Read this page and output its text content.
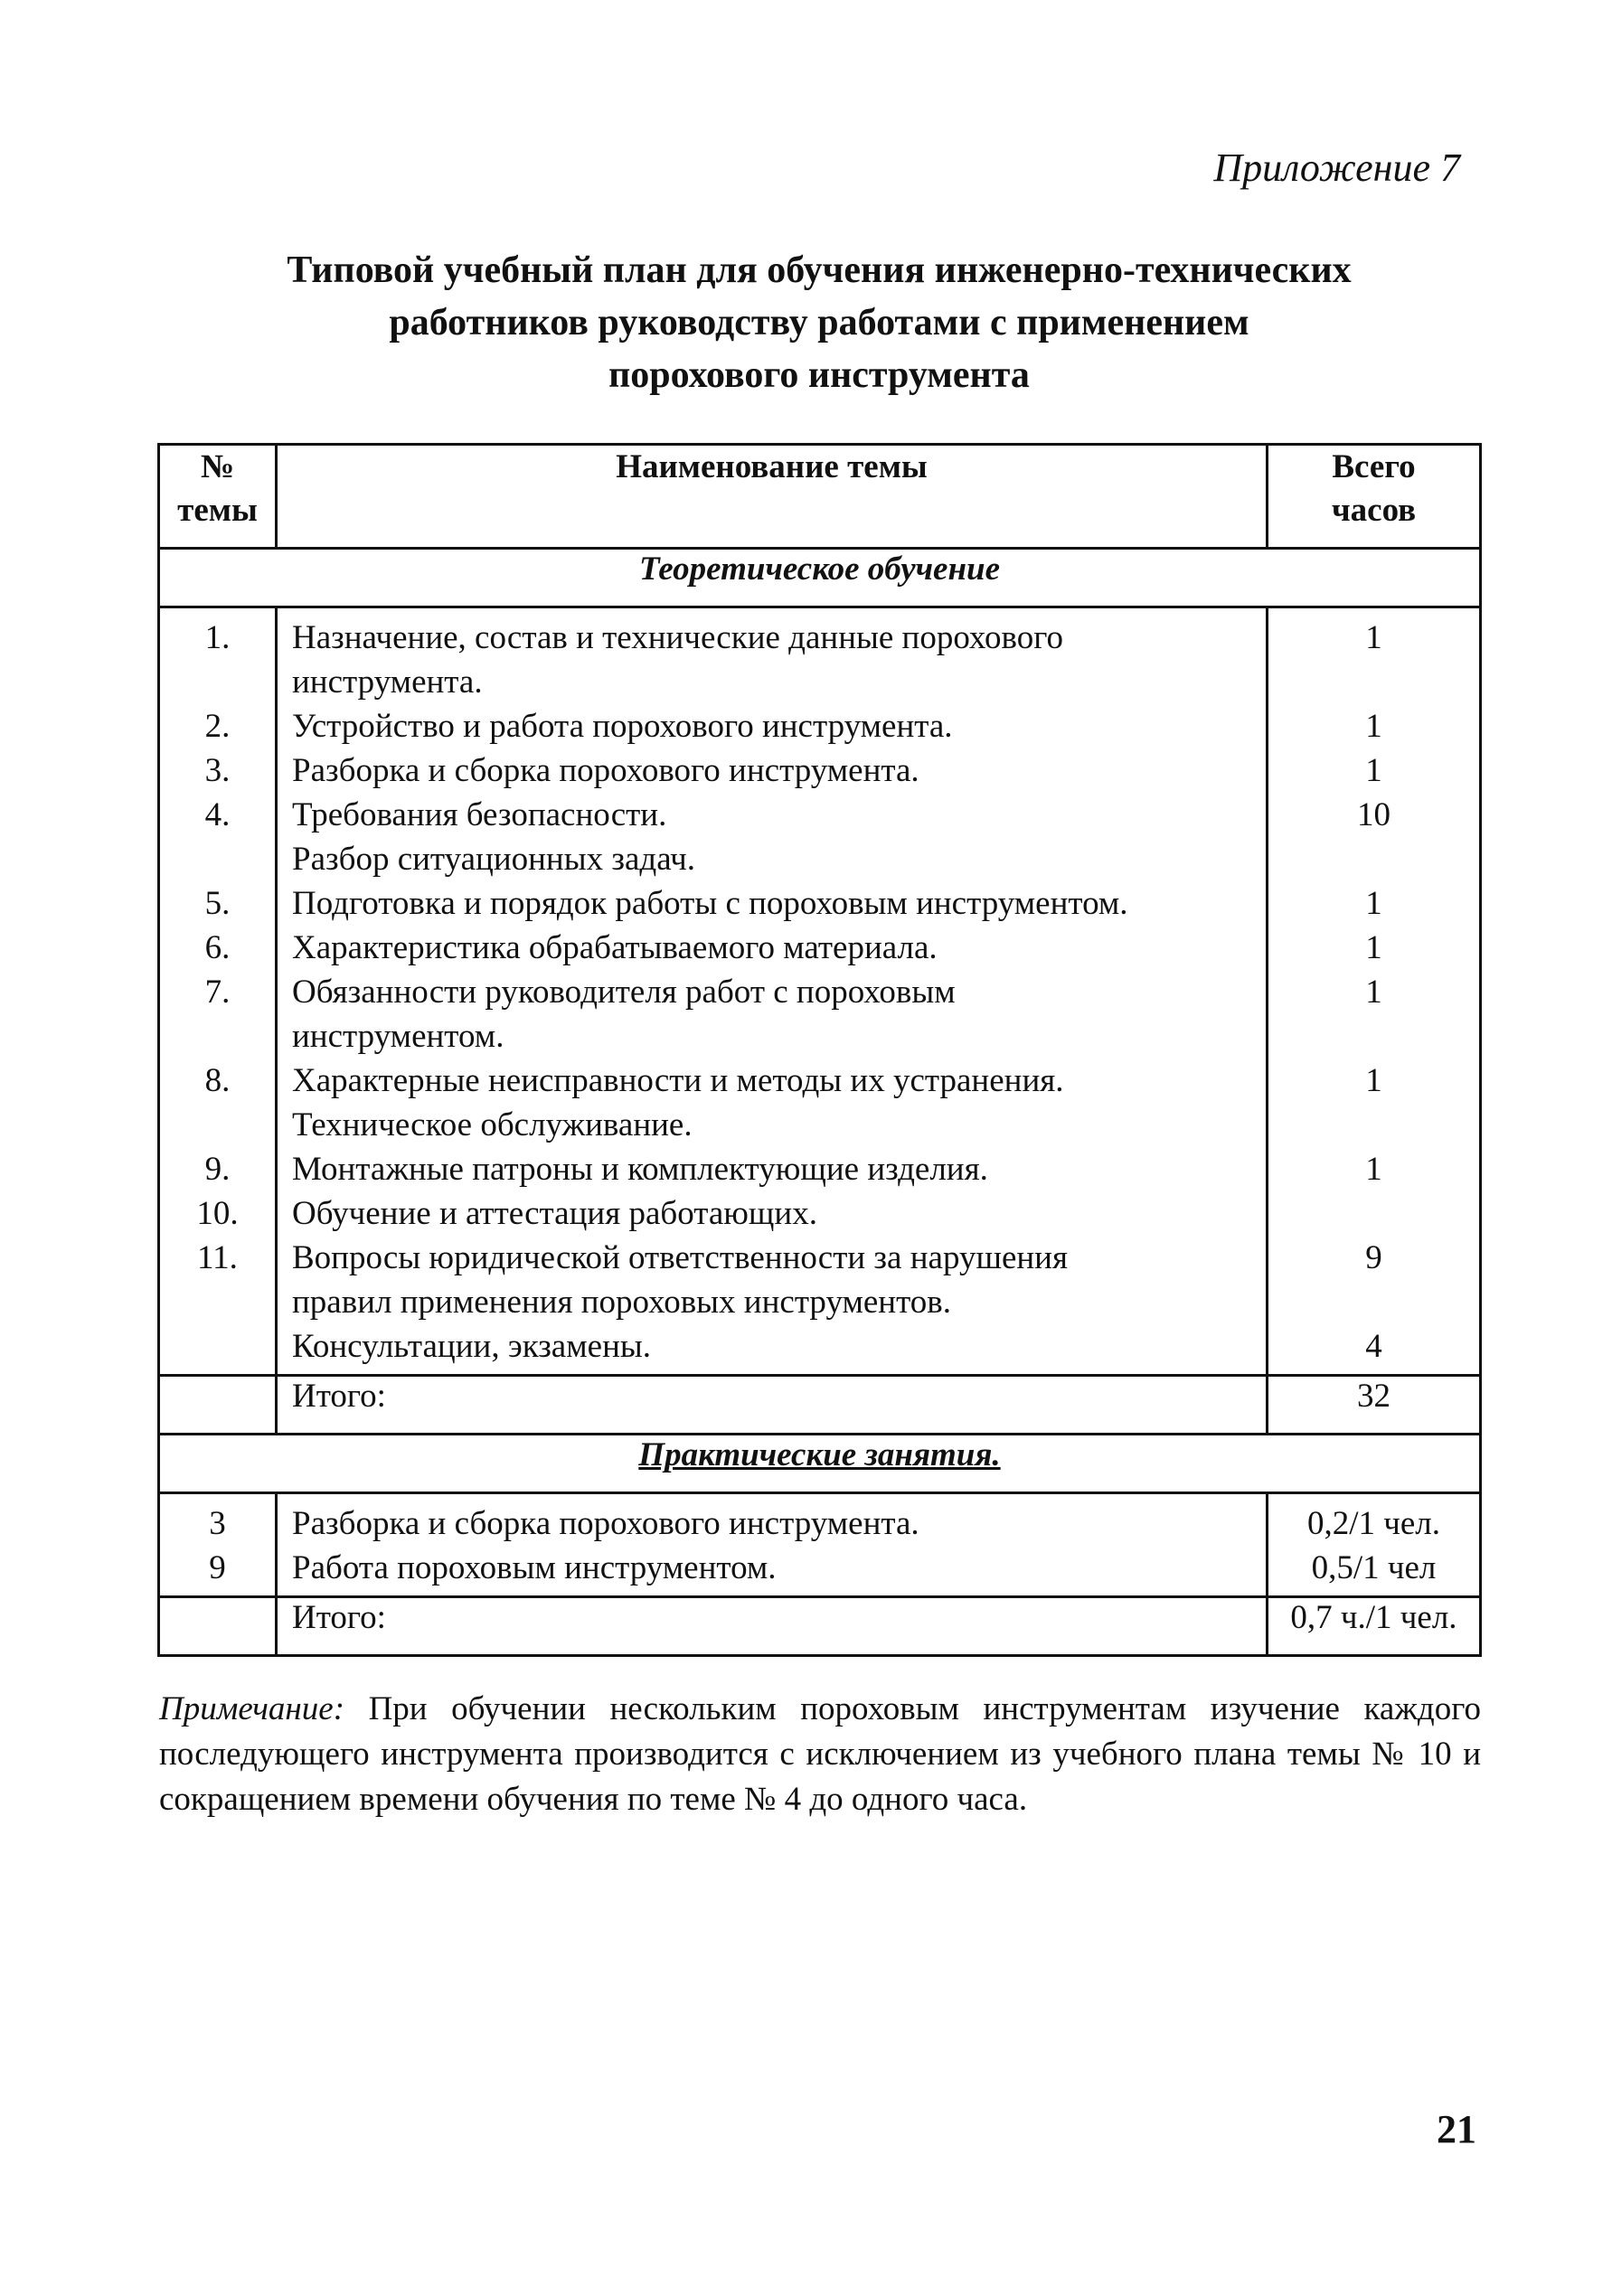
Приложение 7
Типовой учебный план для обучения инженерно-технических
работников руководству работами с применением
порохового инструмента
№
темы	Наименование темы	Всего
часов

Теоретическое обучение		
1.	Назначение, состав и технические данные порохового	1
	инструмента.	
2.	Устройство и работа порохового инструмента.	1
3.	Разборка и сборка порохового инструмента.	1
4.	Требования безопасности.	10
	Разбор ситуационных задач.	
5.	Подготовка и порядок работы с пороховым инструментом.	1
6.	Характеристика обрабатываемого материала.	1
7.	Обязанности руководителя работ с пороховым	1
	инструментом.	
8.	Характерные неисправности и методы их устранения.	1
	Техническое обслуживание.	
9.	Монтажные патроны и комплектующие изделия.	1
10.	Обучение и аттестация работающих.	
11.	Вопросы юридической ответственности за нарушения	9
	правил применения пороховых инструментов.	
	Консультации, экзамены.	4
	Итого:	32
Практические занятия.		
3	Разборка и сборка порохового инструмента.	0,2/1 чел.
9	Работа пороховым инструментом.	0,5/1 чел
	Итого:	0,7 ч./1 чел.
Примечание: При обучении нескольким пороховым инструментам изучение каждого последующего инструмента производится с исключением из учебного плана темы № 10 и сокращением времени обучения по теме № 4 до одного часа.
21
